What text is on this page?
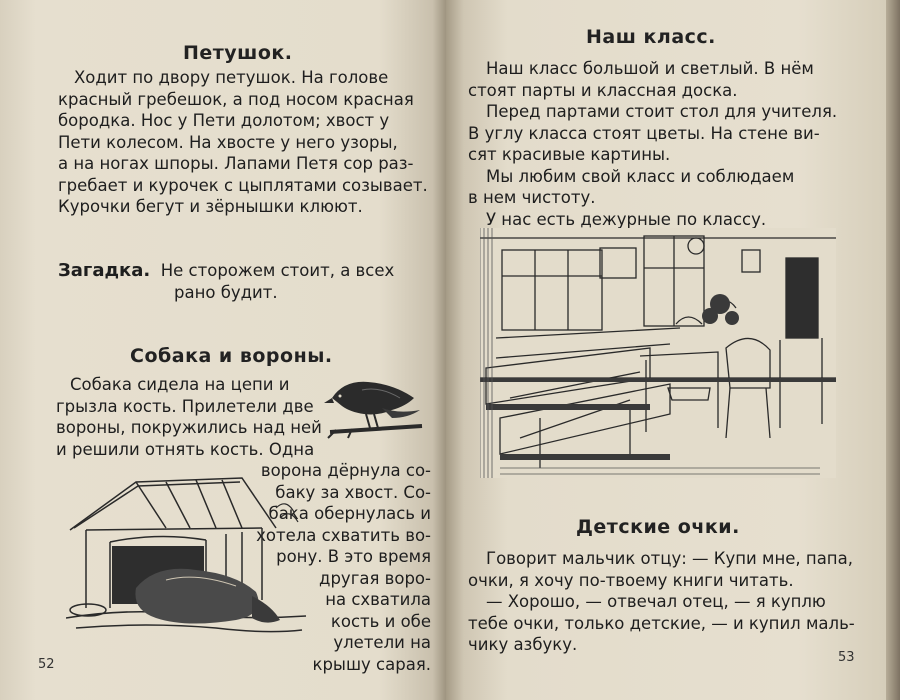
Петушок.

Ходит по двору петушок. На голове

красный гребешок, а под носом красная

бородка. Нос у Пети долотом; хвост у

Пети колесом. На хвосте у него узоры,

а на ногах шпоры. Лапами Петя сор раз-

гребает и курочек с цыплятами созывает.

Курочки бегут и зёрнышки клюют.

Загадка. Не сторожем стоит, а всех

рано будит.

Собака и вороны.

Собака сидела на цепи и

грызла кость. Прилетели две

вороны, покружились над ней

и решили отнять кость. Одна

ворона дёрнула со-

баку за хвост. Со-

бака обернулась и

хотела схватить во-

рону. В это время

другая воро-

на схватила

кость и обе

улетели на

крышу сарая.

52
Наш класс.

Наш класс большой и светлый. В нём

стоят парты и классная доска.

Перед партами стоит стол для учителя.

В углу класса стоят цветы. На стене ви-

сят красивые картины.

Мы любим свой класс и соблюдаем

в нем чистоту.

У нас есть дежурные по классу.

Детские очки.

Говорит мальчик отцу: — Купи мне, папа,

очки, я хочу по-твоему книги читать.

— Хорошо, — отвечал отец, — я куплю

тебе очки, только детские, — и купил маль-

чику азбуку.

53
